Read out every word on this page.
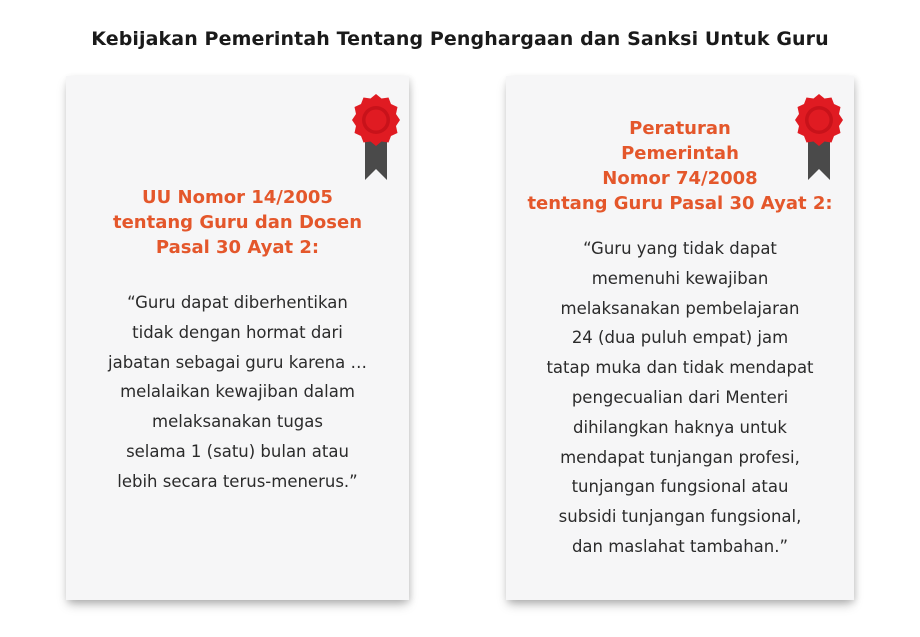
Kebijakan Pemerintah Tentang Penghargaan dan Sanksi Untuk Guru
UU Nomor 14/2005
tentang Guru dan Dosen
Pasal 30 Ayat 2:
“Guru dapat diberhentikan
tidak dengan hormat dari
jabatan sebagai guru karena …
melalaikan kewajiban dalam
melaksanakan tugas
selama 1 (satu) bulan atau
lebih secara terus-menerus.”
Peraturan
Pemerintah
Nomor 74/2008
tentang Guru Pasal 30 Ayat 2:
“Guru yang tidak dapat
memenuhi kewajiban
melaksanakan pembelajaran
24 (dua puluh empat) jam
tatap muka dan tidak mendapat
pengecualian dari Menteri
dihilangkan haknya untuk
mendapat tunjangan profesi,
tunjangan fungsional atau
subsidi tunjangan fungsional,
dan maslahat tambahan.”
